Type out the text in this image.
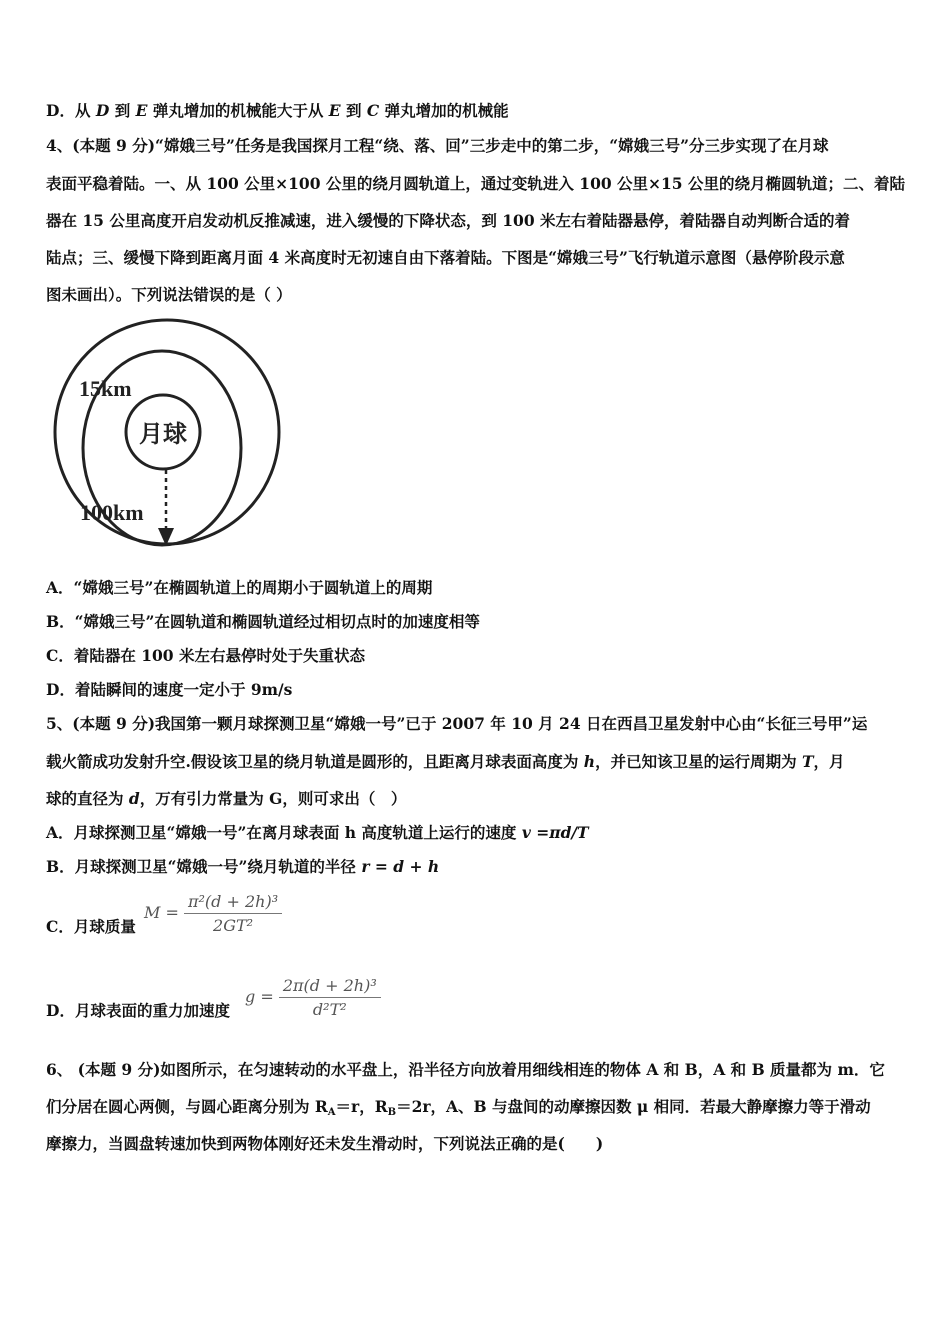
D．从 D 到 E 弹丸增加的机械能大于从 E 到 C 弹丸增加的机械能
4、(本题 9 分)“嫦娥三号”任务是我国探月工程“绕、落、回”三步走中的第二步，“嫦娥三号”分三步实现了在月球
表面平稳着陆。一、从 100 公里×100 公里的绕月圆轨道上，通过变轨进入 100 公里×15 公里的绕月椭圆轨道；二、着陆
器在 15 公里高度开启发动机反推减速，进入缓慢的下降状态，到 100 米左右着陆器悬停，着陆器自动判断合适的着
陆点；三、缓慢下降到距离月面 4 米高度时无初速自由下落着陆。下图是“嫦娥三号”飞行轨道示意图（悬停阶段示意
图未画出）。下列说法错误的是（ ）
月球
15km
100km
A．“嫦娥三号”在椭圆轨道上的周期小于圆轨道上的周期
B．“嫦娥三号”在圆轨道和椭圆轨道经过相切点时的加速度相等
C．着陆器在 100 米左右悬停时处于失重状态
D．着陆瞬间的速度一定小于 9m/s
5、(本题 9 分)我国第一颗月球探测卫星“嫦娥一号”已于 2007 年 10 月 24 日在西昌卫星发射中心由“长征三号甲”运
载火箭成功发射升空.假设该卫星的绕月轨道是圆形的，且距离月球表面高度为 h，并已知该卫星的运行周期为 T，月
球的直径为 d，万有引力常量为 G，则可求出（　）
A．月球探测卫星“嫦娥一号”在离月球表面 h 高度轨道上运行的速度 v =πd/T
B．月球探测卫星“嫦娥一号”绕月轨道的半径 r = d + h
C．月球质量
$M = \frac{\text{π²(d + 2h)³}}{\text{2GT²}}$
D．月球表面的重力加速度
$g = \frac{\text{2π(d + 2h)³}}{\text{d²T²}}$
6、 (本题 9 分)如图所示，在匀速转动的水平盘上，沿半径方向放着用细线相连的物体 A 和 B，A 和 B 质量都为 m．它
们分居在圆心两侧，与圆心距离分别为 $R_A=r$，$R_B=2r$，A、B 与盘间的动摩擦因数 μ 相同．若最大静摩擦力等于滑动
摩擦力，当圆盘转速加快到两物体刚好还未发生滑动时，下列说法正确的是(　　)
